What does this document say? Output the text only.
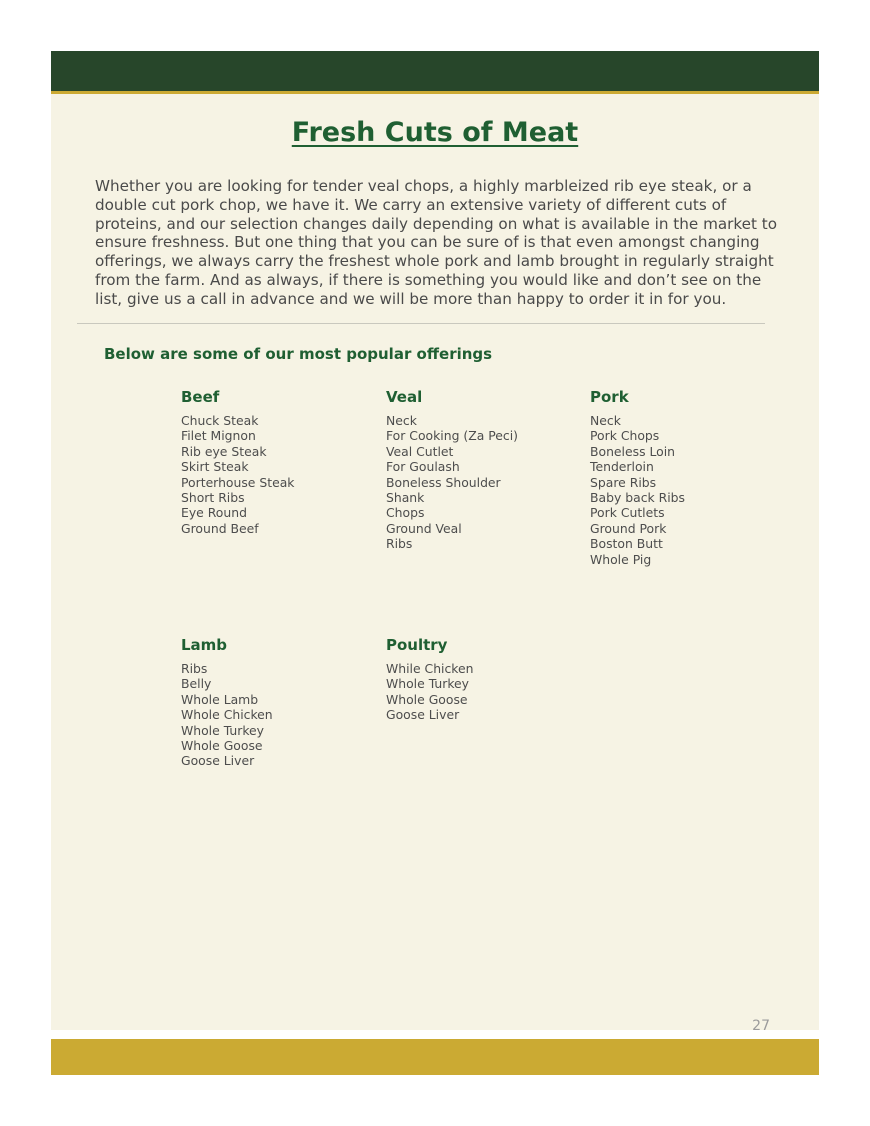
Fresh Cuts of Meat

Whether you are looking for tender veal chops, a highly marbleized rib eye steak, or a double cut pork chop, we have it. We carry an extensive variety of different cuts of proteins, and our selection changes daily depending on what is available in the market to ensure freshness. But one thing that you can be sure of is that even amongst changing offerings, we always carry the freshest whole pork and lamb brought in regularly straight from the farm. And as always, if there is something you would like and don’t see on the list, give us a call in advance and we will be more than happy to order it in for you.

Below are some of our most popular offerings
Beef
Chuck Steak
Filet Mignon
Rib eye Steak
Skirt Steak
Porterhouse Steak
Short Ribs
Eye Round
Ground Beef
Veal
Neck
For Cooking (Za Peci)
Veal Cutlet
For Goulash
Boneless Shoulder
Shank
Chops
Ground Veal
Ribs
Pork
Neck
Pork Chops
Boneless Loin
Tenderloin
Spare Ribs
Baby back Ribs
Pork Cutlets
Ground Pork
Boston Butt
Whole Pig
Lamb
Ribs
Belly
Whole Lamb
Whole Chicken
Whole Turkey
Whole Goose
Goose Liver
Poultry
While Chicken
Whole Turkey
Whole Goose
Goose Liver
27
